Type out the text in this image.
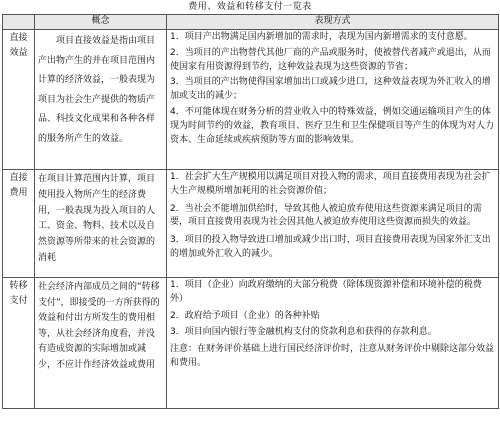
费用、效益和转移支付一览表
	概念	表现方式

直接效益	项目直接效益是指由项目产出物产生的并在项目范围内计算的经济效益，一般表现为项目为社会生产提供的物质产品、科技文化成果和各种各样的服务所产生的效益。	1．项目产出物满足国内新增加的需求时，表现为国内新增需求的支付意愿。
2．当项目的产出物替代其他厂商的产品或服务时，使被替代者减产或退出，从而使国家有用资源得到节约，这种效益表现为这些资源的节省；
3．当项目的产出物使得国家增加出口或减少进口，这种效益表现为外汇收入的增加或支出的减少；
4．不可能体现在财务分析的营业收入中的特殊效益，例如交通运输项目产生的体现为时间节约的效益，教育项目、医疗卫生和卫生保健项目等产生的体现为对人力资本、生命延续或疾病预防等方面的影响效果。

直接费用	在项目计算范围内计算，项目使用投入物所产生的经济费用，一般表现为投入项目的人工、资金、物料、技术以及自然资源等所带来的社会资源的消耗	1．社会扩大生产规模用以满足项目对投入物的需求，项目直接费用表现为社会扩大生产规模所增加耗用的社会资源价值；
2．当社会不能增加供给时，导致其他人被迫放弃使用这些资源来满足项目的需要，项目直接费用表现为社会因其他人被迫放弃使用这些资源而损失的效益。
3．项目的投入物导致进口增加或减少出口时，项目直接费用表现为国家外汇支出的增加或外汇收入的减少。

转移支付	社会经济内部成员之间的“转移支付”，即接受的一方所获得的效益和付出方所发生的费用相等，从社会经济角度看，并没有造成资源的实际增加或减少，不应计作经济效益或费用	1．项目（企业）向政府缴纳的大部分税费（除体现资源补偿和环境补偿的税费外）
2．政府给予项目（企业）的各种补贴
3．项目向国内银行等金融机构支付的贷款利息和获得的存款利息。
注意：在财务评价基础上进行国民经济评价时，注意从财务评价中剔除这部分效益和费用。
